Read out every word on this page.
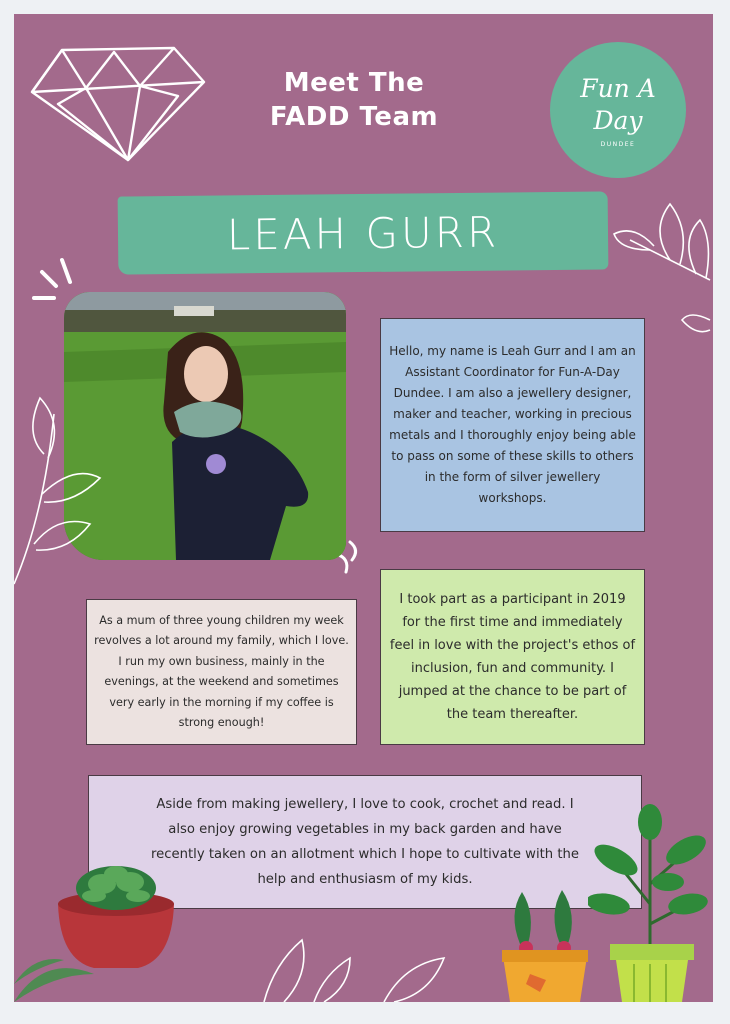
Meet The
FADD Team
Fun A
Day
DUNDEE
LEAH GURR

Hello, my name is Leah Gurr and I am an Assistant Coordinator for Fun-A-Day Dundee. I am also a jewellery designer, maker and teacher, working in precious metals and I thoroughly enjoy being able to pass on some of these skills to others in the form of silver jewellery workshops.

As a mum of three young children my week revolves a lot around my family, which I love. I run my own business, mainly in the evenings, at the weekend and sometimes very early in the morning if my coffee is strong enough!

I took part as a participant in 2019 for the first time and immediately feel in love with the project's ethos of inclusion, fun and community. I jumped at the chance to be part of the team thereafter.

Aside from making jewellery, I love to cook, crochet and read. I also enjoy growing vegetables in my back garden and have recently taken on an allotment which I hope to cultivate with the help and enthusiasm of my kids.
